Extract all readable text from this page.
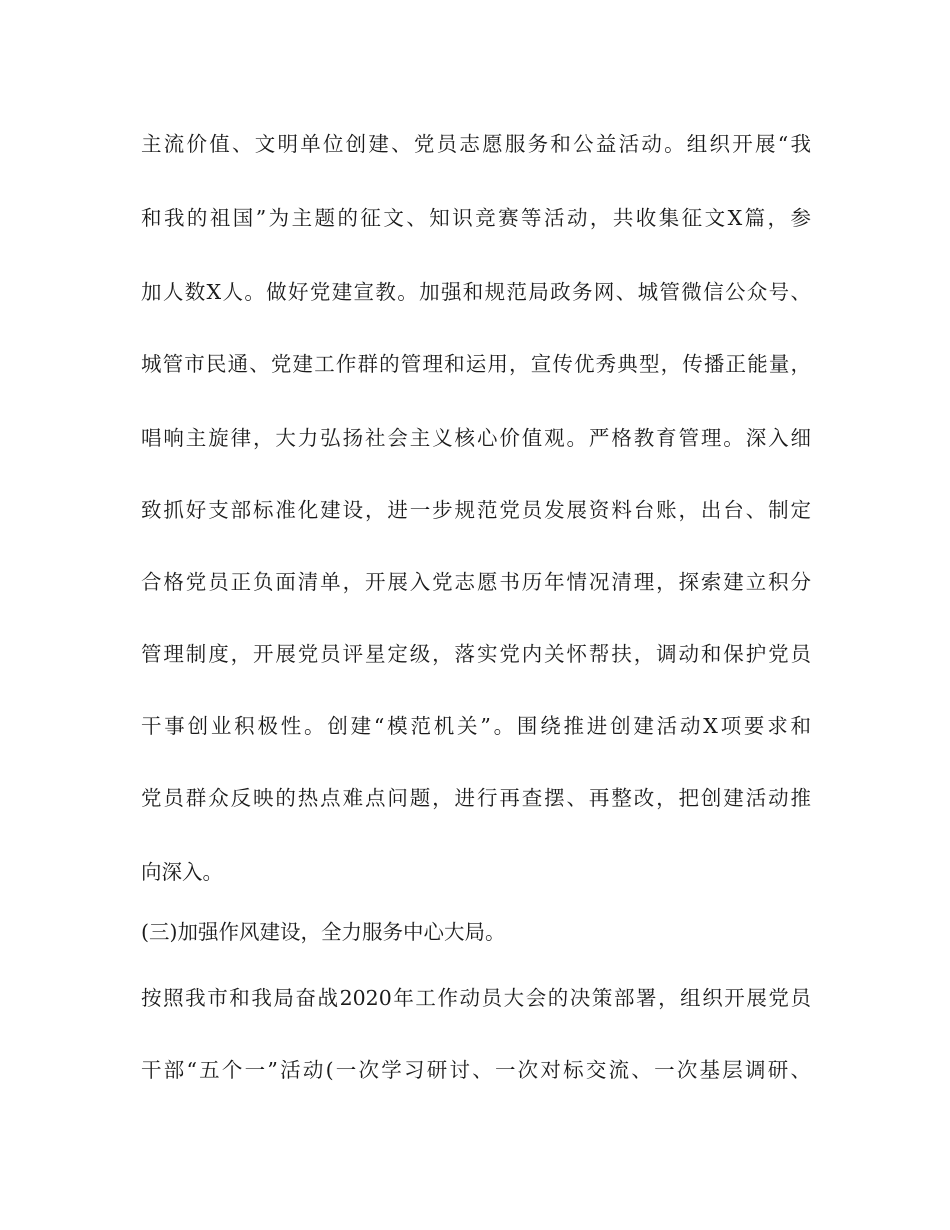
主流价值、文明单位创建、党员志愿服务和公益活动。组织开展“我
和我的祖国”为主题的征文、知识竞赛等活动，共收集征文X篇，参
加人数X人。做好党建宣教。加强和规范局政务网、城管微信公众号、
城管市民通、党建工作群的管理和运用，宣传优秀典型，传播正能量，
唱响主旋律，大力弘扬社会主义核心价值观。严格教育管理。深入细
致抓好支部标准化建设，进一步规范党员发展资料台账，出台、制定
合格党员正负面清单，开展入党志愿书历年情况清理，探索建立积分
管理制度，开展党员评星定级，落实党内关怀帮扶，调动和保护党员
干事创业积极性。创建“模范机关”。围绕推进创建活动X项要求和
党员群众反映的热点难点问题，进行再查摆、再整改，把创建活动推
向深入。
(三)加强作风建设，全力服务中心大局。
按照我市和我局奋战2020年工作动员大会的决策部署，组织开展党员
干部“五个一”活动(一次学习研讨、一次对标交流、一次基层调研、
